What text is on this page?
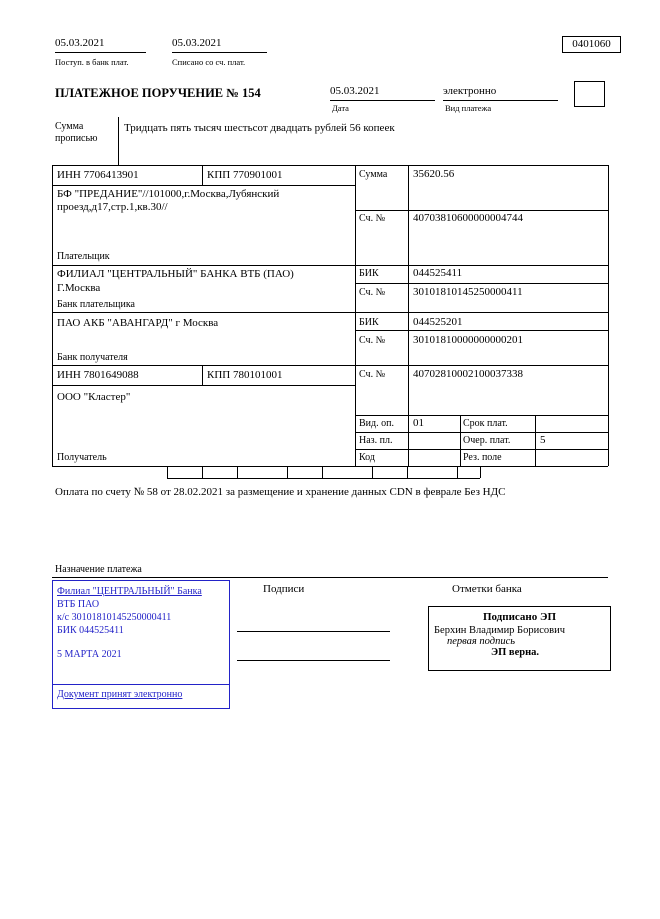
05.03.2021
Поступ. в банк плат.
05.03.2021
Списано со сч. плат.
0401060
ПЛАТЕЖНОЕ ПОРУЧЕНИЕ № 154	05.03.2021
Дата
электронно
Вид платежа
Сумма
прописью
Тридцать пять тысяч шестьсот двадцать рублей 56 копеек
ИНН 7706413901	КПП 770901001	Сумма 35620.56
БФ "ПРЕДАНИЕ"//101000,г.Москва,Лубянский проезд,д17,стр.1,кв.30//
Сч. №	40703810600000004744
Плательщик
ФИЛИАЛ "ЦЕНТРАЛЬНЫЙ" БАНКА ВТБ (ПАО)
Г.Москва
БИК	044525411
Сч. №	30101810145250000411
Банк плательщика
ПАО АКБ "АВАНГАРД" г Москва	БИК	044525201
Сч. №	30101810000000000201
Банк получателя
ИНН 7801649088	КПП 780101001	Сч. №	40702810002100037338
ООО "Кластер"
Получатель
Вид. оп. 01	Срок плат.
Наз. пл.	Очер. плат.	5
Код	Рез. поле
Оплата по счету № 58 от 28.02.2021 за размещение и хранение данных CDN в феврале Без НДС
Назначение платежа
Филиал "ЦЕНТРАЛЬНЫЙ" Банка
ВТБ ПАО
к/с 30101810145250000411
БИК 044525411
5 МАРТА 2021
Документ принят электронно
Подписи	Отметки банка
Подписано ЭП
Берхин Владимир Борисович
первая подпись
ЭП верна.
